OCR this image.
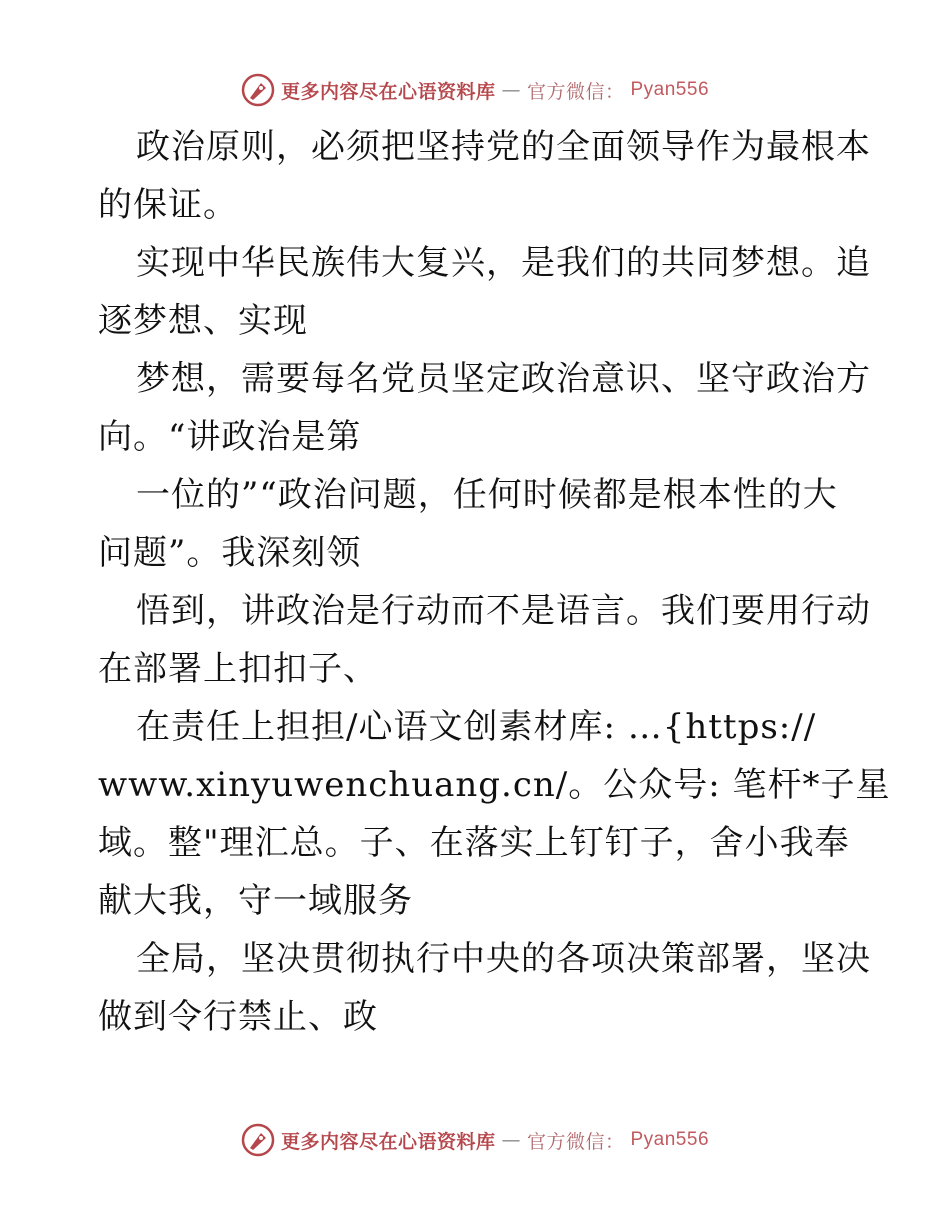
更多内容尽在心语资料库 — 官方微信： Pyan556
政治原则，必须把坚持党的全面领导作为最根本
的保证。
实现中华民族伟大复兴，是我们的共同梦想。追
逐梦想、实现
梦想，需要每名党员坚定政治意识、坚守政治方
向。“讲政治是第
一位的”“政治问题，任何时候都是根本性的大
问题”。我深刻领
悟到，讲政治是行动而不是语言。我们要用行动
在部署上扣扣子、
在责任上担担/心语文创素材库: …{https://
www.xinyuwenchuang.cn/。公众号: 笔杆*子星
域。整"理汇总。子、在落实上钉钉子，舍小我奉
献大我，守一域服务
全局，坚决贯彻执行中央的各项决策部署，坚决
做到令行禁止、政
更多内容尽在心语资料库 — 官方微信： Pyan556
